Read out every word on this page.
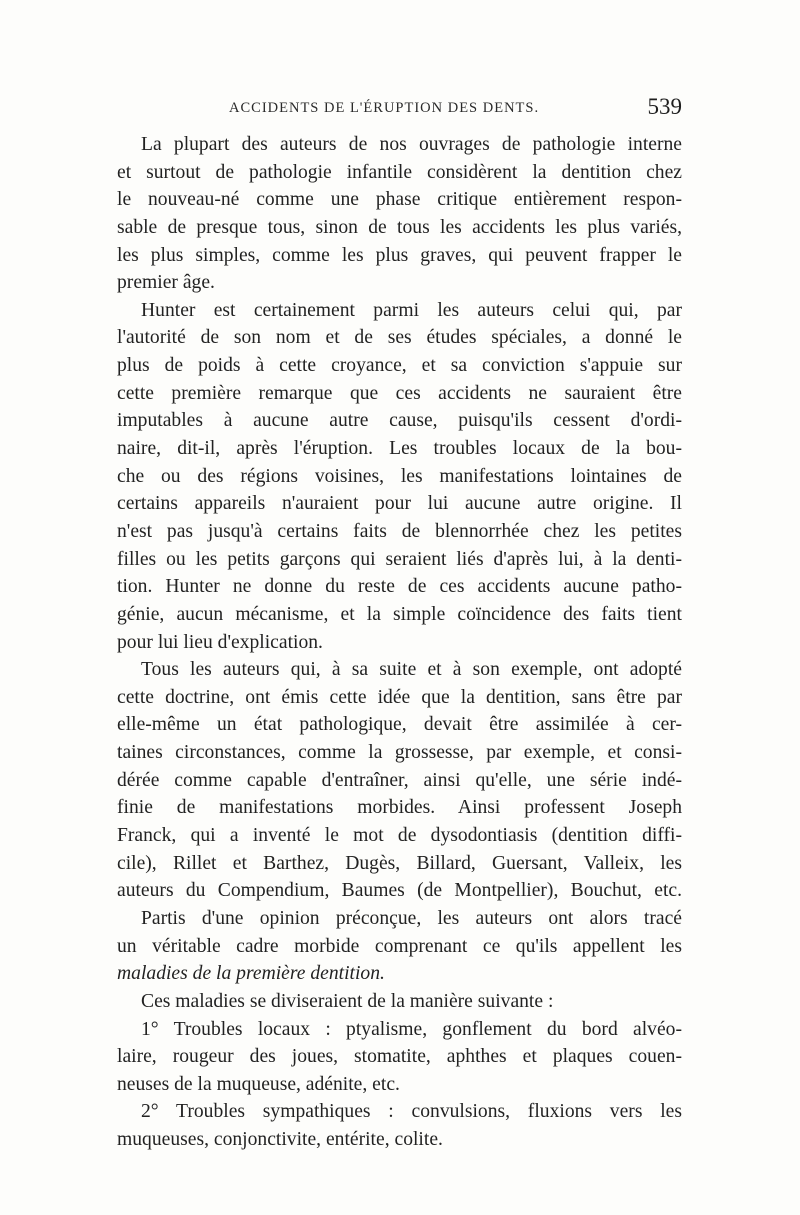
ACCIDENTS DE L'ÉRUPTION DES DENTS.	539
La plupart des auteurs de nos ouvrages de pathologie interne
et surtout de pathologie infantile considèrent la dentition chez
le nouveau-né comme une phase critique entièrement respon-
sable de presque tous, sinon de tous les accidents les plus variés,
les plus simples, comme les plus graves, qui peuvent frapper le
premier âge.
Hunter est certainement parmi les auteurs celui qui, par
l'autorité de son nom et de ses études spéciales, a donné le
plus de poids à cette croyance, et sa conviction s'appuie sur
cette première remarque que ces accidents ne sauraient être
imputables à aucune autre cause, puisqu'ils cessent d'ordi-
naire, dit-il, après l'éruption. Les troubles locaux de la bou-
che ou des régions voisines, les manifestations lointaines de
certains appareils n'auraient pour lui aucune autre origine. Il
n'est pas jusqu'à certains faits de blennorrhée chez les petites
filles ou les petits garçons qui seraient liés d'après lui, à la denti-
tion. Hunter ne donne du reste de ces accidents aucune patho-
génie, aucun mécanisme, et la simple coïncidence des faits tient
pour lui lieu d'explication.
Tous les auteurs qui, à sa suite et à son exemple, ont adopté
cette doctrine, ont émis cette idée que la dentition, sans être par
elle-même un état pathologique, devait être assimilée à cer-
taines circonstances, comme la grossesse, par exemple, et consi-
dérée comme capable d'entraîner, ainsi qu'elle, une série indé-
finie de manifestations morbides. Ainsi professent Joseph
Franck, qui a inventé le mot de dysodontiasis (dentition diffi-
cile), Rillet et Barthez, Dugès, Billard, Guersant, Valleix, les
auteurs du Compendium, Baumes (de Montpellier), Bouchut, etc.
Partis d'une opinion préconçue, les auteurs ont alors tracé
un véritable cadre morbide comprenant ce qu'ils appellent les
maladies de la première dentition.
Ces maladies se diviseraient de la manière suivante :
1° Troubles locaux : ptyalisme, gonflement du bord alvéo-
laire, rougeur des joues, stomatite, aphthes et plaques couen-
neuses de la muqueuse, adénite, etc.
2° Troubles sympathiques : convulsions, fluxions vers les
muqueuses, conjonctivite, entérite, colite.
